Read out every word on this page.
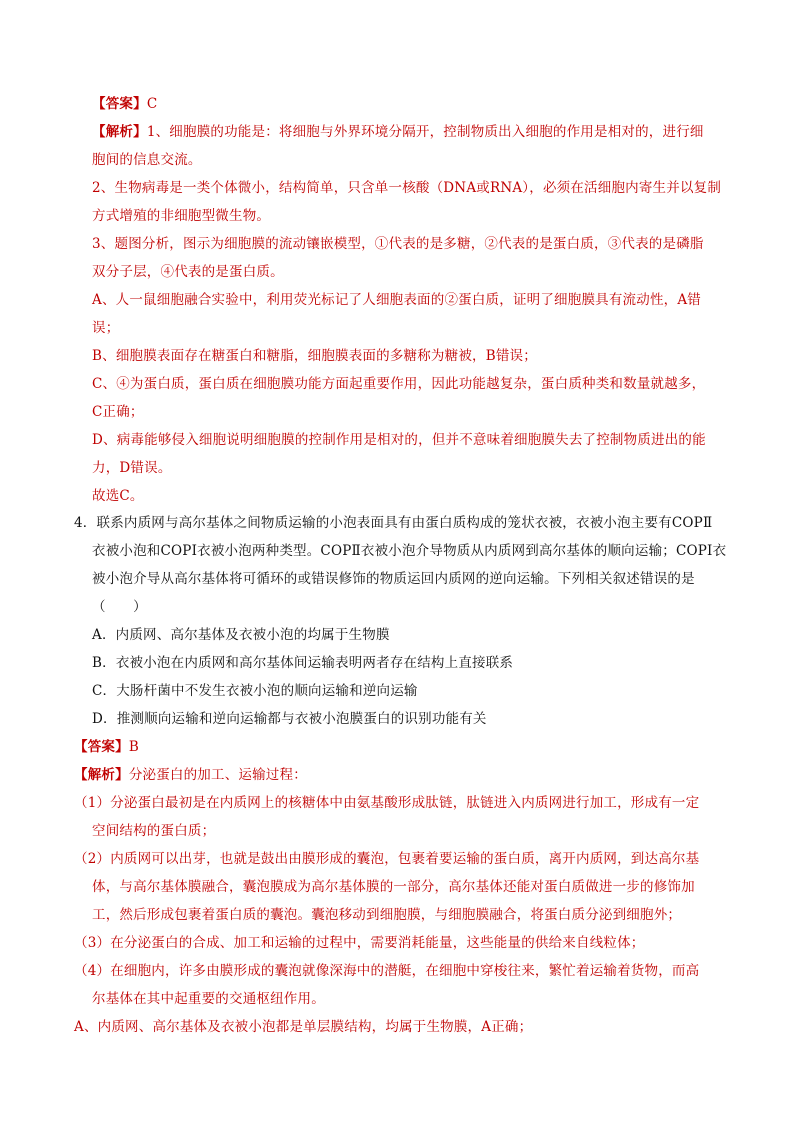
【答案】C
【解析】1、细胞膜的功能是：将细胞与外界环境分隔开，控制物质出入细胞的作用是相对的，进行细
胞间的信息交流。
2、生物病毒是一类个体微小，结构简单，只含单一核酸（DNA或RNA），必须在活细胞内寄生并以复制
方式增殖的非细胞型微生物。
3、题图分析，图示为细胞膜的流动镶嵌模型，①代表的是多糖，②代表的是蛋白质，③代表的是磷脂
双分子层，④代表的是蛋白质。
A、人一鼠细胞融合实验中，利用荧光标记了人细胞表面的②蛋白质，证明了细胞膜具有流动性，A错
误；
B、细胞膜表面存在糖蛋白和糖脂，细胞膜表面的多糖称为糖被，B错误；
C、④为蛋白质，蛋白质在细胞膜功能方面起重要作用，因此功能越复杂，蛋白质种类和数量就越多，
C正确；
D、病毒能够侵入细胞说明细胞膜的控制作用是相对的，但并不意味着细胞膜失去了控制物质进出的能
力，D错误。
故选C。
4．联系内质网与高尔基体之间物质运输的小泡表面具有由蛋白质构成的笼状衣被，衣被小泡主要有COPⅡ
衣被小泡和COPⅠ衣被小泡两种类型。COPⅡ衣被小泡介导物质从内质网到高尔基体的顺向运输；COPⅠ衣
被小泡介导从高尔基体将可循环的或错误修饰的物质运回内质网的逆向运输。下列相关叙述错误的是
（　　）
A．内质网、高尔基体及衣被小泡的均属于生物膜
B．衣被小泡在内质网和高尔基体间运输表明两者存在结构上直接联系
C．大肠杆菌中不发生衣被小泡的顺向运输和逆向运输
D．推测顺向运输和逆向运输都与衣被小泡膜蛋白的识别功能有关
【答案】B
【解析】分泌蛋白的加工、运输过程：
（1）分泌蛋白最初是在内质网上的核糖体中由氨基酸形成肽链，肽链进入内质网进行加工，形成有一定
空间结构的蛋白质；
（2）内质网可以出芽，也就是鼓出由膜形成的囊泡，包裹着要运输的蛋白质，离开内质网，到达高尔基
体，与高尔基体膜融合，囊泡膜成为高尔基体膜的一部分，高尔基体还能对蛋白质做进一步的修饰加
工，然后形成包裹着蛋白质的囊泡。囊泡移动到细胞膜，与细胞膜融合，将蛋白质分泌到细胞外；
（3）在分泌蛋白的合成、加工和运输的过程中，需要消耗能量，这些能量的供给来自线粒体；
（4）在细胞内，许多由膜形成的囊泡就像深海中的潜艇，在细胞中穿梭往来，繁忙着运输着货物，而高
尔基体在其中起重要的交通枢纽作用。
A、内质网、高尔基体及衣被小泡都是单层膜结构，均属于生物膜，A正确；
